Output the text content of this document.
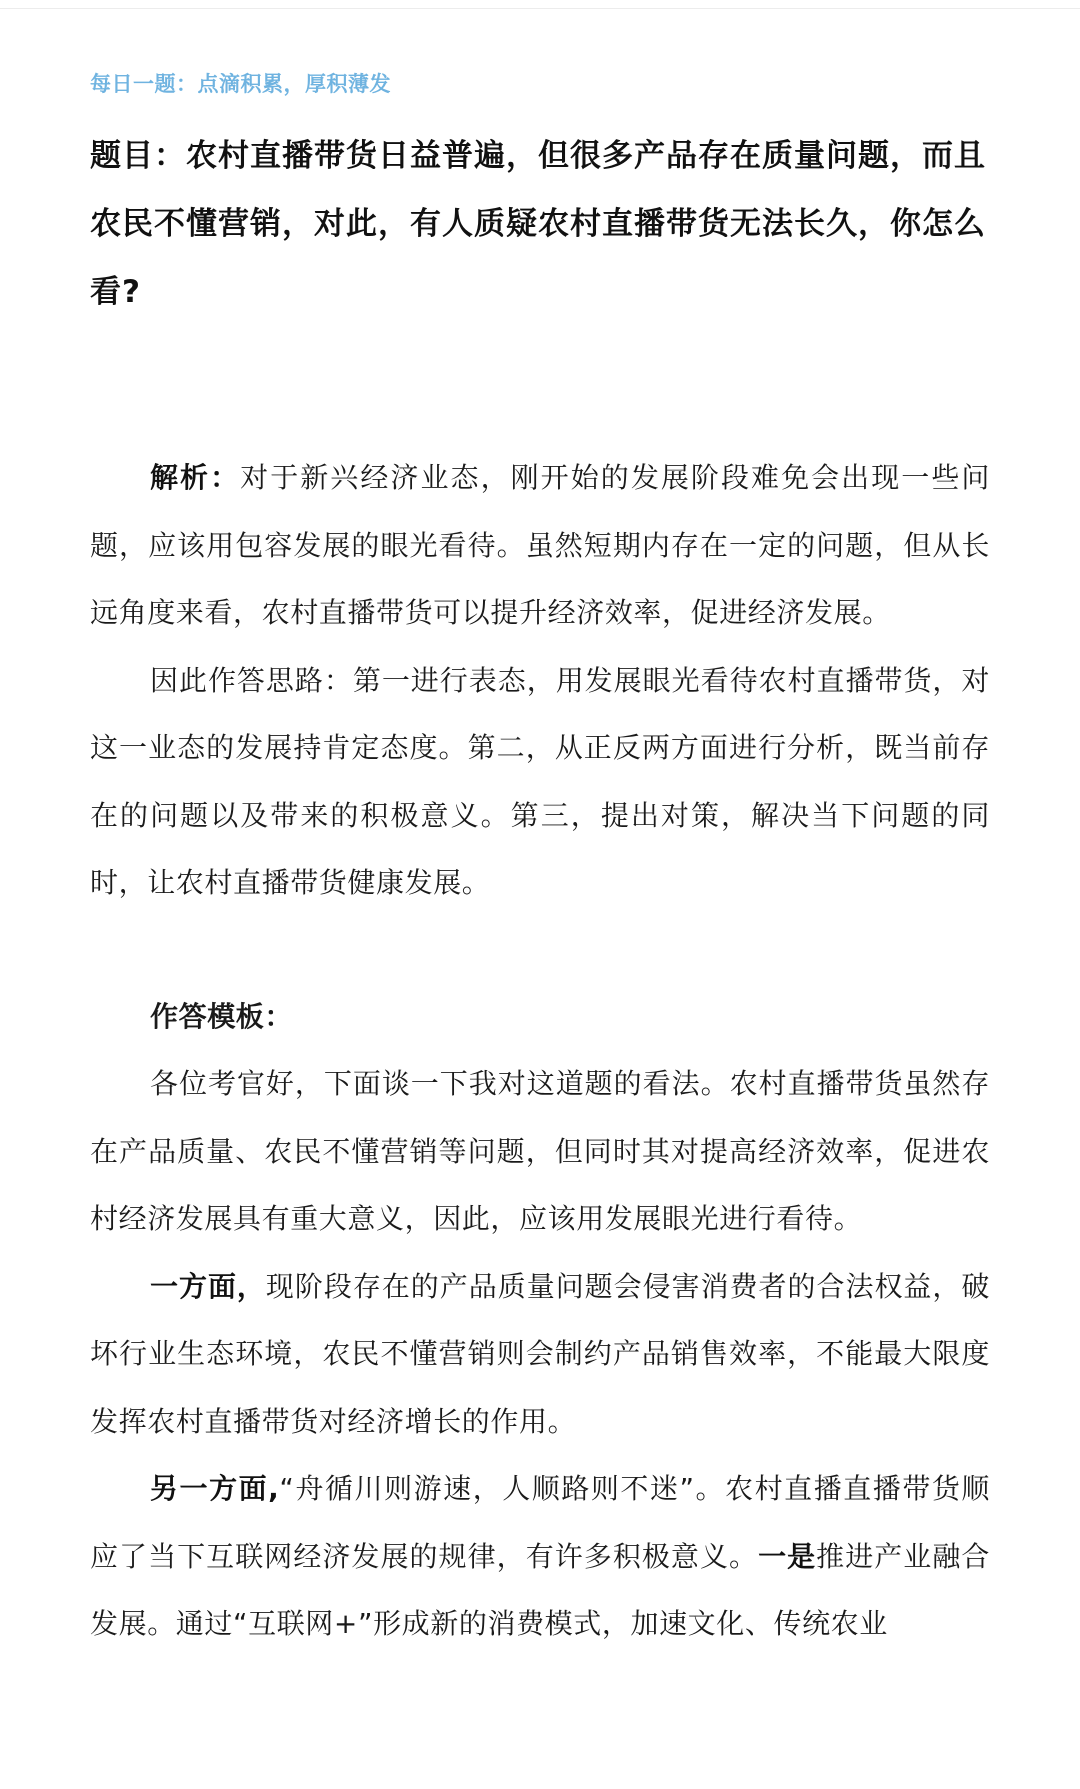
每日一题：点滴积累，厚积薄发
题目：农村直播带货日益普遍，但很多产品存在质量问题，而且农民不懂营销，对此，有人质疑农村直播带货无法长久，你怎么看?

解析：对于新兴经济业态，刚开始的发展阶段难免会出现一些问题，应该用包容发展的眼光看待。虽然短期内存在一定的问题，但从长远角度来看，农村直播带货可以提升经济效率，促进经济发展。

因此作答思路：第一进行表态，用发展眼光看待农村直播带货，对这一业态的发展持肯定态度。第二，从正反两方面进行分析，既当前存在的问题以及带来的积极意义。第三，提出对策，解决当下问题的同时，让农村直播带货健康发展。

作答模板：

各位考官好，下面谈一下我对这道题的看法。农村直播带货虽然存在产品质量、农民不懂营销等问题，但同时其对提高经济效率，促进农村经济发展具有重大意义，因此，应该用发展眼光进行看待。

一方面，现阶段存在的产品质量问题会侵害消费者的合法权益，破坏行业生态环境，农民不懂营销则会制约产品销售效率，不能最大限度发挥农村直播带货对经济增长的作用。

另一方面,“舟循川则游速，人顺路则不迷”。农村直播直播带货顺应了当下互联网经济发展的规律，有许多积极意义。一是推进产业融合发展。通过“互联网+”形成新的消费模式，加速文化、传统农业
